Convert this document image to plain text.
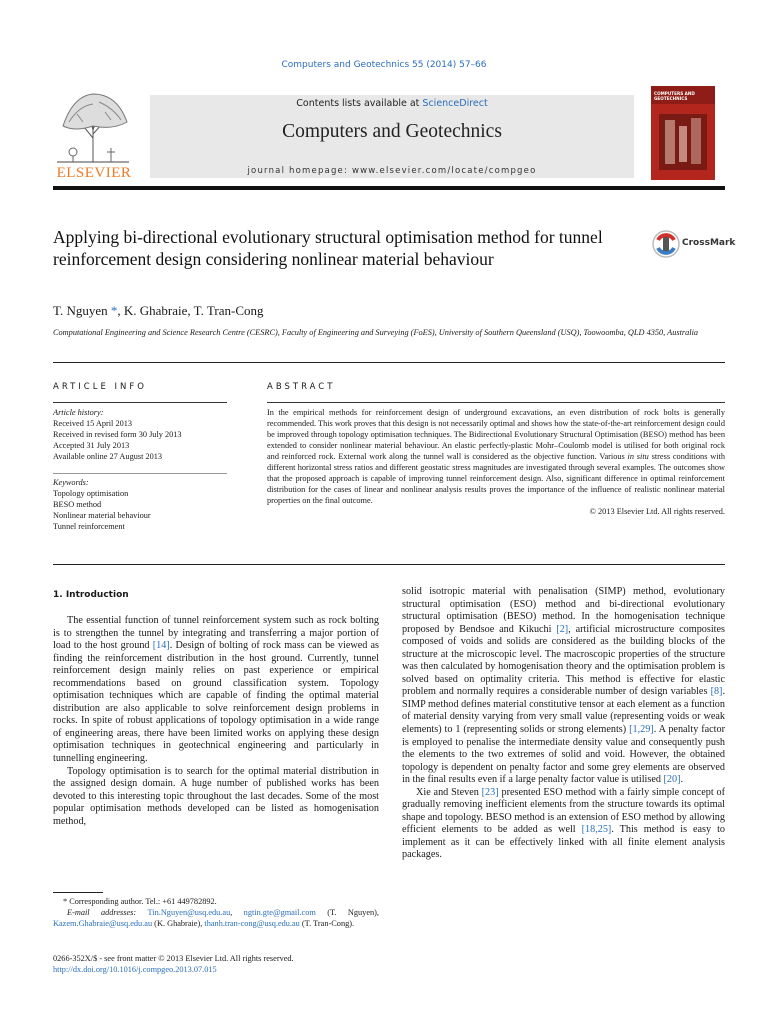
Computers and Geotechnics 55 (2014) 57–66
ELSEVIER
Contents lists available at ScienceDirect
Computers and Geotechnics
journal homepage: www.elsevier.com/locate/compgeo
COMPUTERS AND GEOTECHNICS
Applying bi-directional evolutionary structural optimisation method for tunnel reinforcement design considering nonlinear material behaviour
CrossMark
T. Nguyen *, K. Ghabraie, T. Tran-Cong
Computational Engineering and Science Research Centre (CESRC), Faculty of Engineering and Surveying (FoES), University of Southern Queensland (USQ), Toowoomba, QLD 4350, Australia
ARTICLE INFO	ABSTRACT
Article history:
Received 15 April 2013
Received in revised form 30 July 2013
Accepted 31 July 2013
Available online 27 August 2013
Keywords:
Topology optimisation
BESO method
Nonlinear material behaviour
Tunnel reinforcement
In the empirical methods for reinforcement design of underground excavations, an even distribution of rock bolts is generally recommended. This work proves that this design is not necessarily optimal and shows how the state-of-the-art reinforcement design could be improved through topology optimisation techniques. The Bidirectional Evolutionary Structural Optimisation (BESO) method has been extended to consider nonlinear material behaviour. An elastic perfectly-plastic Mohr–Coulomb model is utilised for both original rock and reinforced rock. External work along the tunnel wall is considered as the objective function. Various in situ stress conditions with different horizontal stress ratios and different geostatic stress magnitudes are investigated through several examples. The outcomes show that the proposed approach is capable of improving tunnel reinforcement design. Also, significant difference in optimal reinforcement distribution for the cases of linear and nonlinear analysis results proves the importance of the influence of realistic nonlinear material properties on the final outcome.
© 2013 Elsevier Ltd. All rights reserved.
1. Introduction

The essential function of tunnel reinforcement system such as rock bolting is to strengthen the tunnel by integrating and transferring a major portion of load to the host ground [14]. Design of bolting of rock mass can be viewed as finding the reinforcement distribution in the host ground. Currently, tunnel reinforcement design mainly relies on past experience or empirical recommendations based on ground classification system. Topology optimisation techniques which are capable of finding the optimal material distribution are also applicable to solve reinforcement design problems in rocks. In spite of robust applications of topology optimisation in a wide range of engineering areas, there have been limited works on applying these design optimisation techniques in geotechnical engineering and particularly in tunnelling engineering.

Topology optimisation is to search for the optimal material distribution in the assigned design domain. A huge number of published works has been devoted to this interesting topic throughout the last decades. Some of the most popular optimisation methods developed can be listed as homogenisation method,

solid isotropic material with penalisation (SIMP) method, evolutionary structural optimisation (ESO) method and bi-directional evolutionary structural optimisation (BESO) method. In the homogenisation technique proposed by Bendsoe and Kikuchi [2], artificial microstructure composites composed of voids and solids are considered as the building blocks of the structure at the microscopic level. The macroscopic properties of the structure was then calculated by homogenisation theory and the optimisation problem is solved based on optimality criteria. This method is effective for elastic problem and normally requires a considerable number of design variables [8]. SIMP method defines material constitutive tensor at each element as a function of material density varying from very small value (representing voids or weak elements) to 1 (representing solids or strong elements) [1,29]. A penalty factor is employed to penalise the intermediate density value and consequently push the elements to the two extremes of solid and void. However, the obtained topology is dependent on penalty factor and some grey elements are observed in the final results even if a large penalty factor value is utilised [20].

Xie and Steven [23] presented ESO method with a fairly simple concept of gradually removing inefficient elements from the structure towards its optimal shape and topology. BESO method is an extension of ESO method by allowing efficient elements to be added as well [18,25]. This method is easy to implement as it can be effectively linked with all finite element analysis packages.

* Corresponding author. Tel.: +61 449782892.
E-mail addresses: Tin.Nguyen@usq.edu.au, ngtin.gte@gmail.com (T. Nguyen), Kazem.Ghabraie@usq.edu.au (K. Ghabraie), thanh.tran-cong@usq.edu.au (T. Tran-Cong).
0266-352X/$ - see front matter © 2013 Elsevier Ltd. All rights reserved.
http://dx.doi.org/10.1016/j.compgeo.2013.07.015
